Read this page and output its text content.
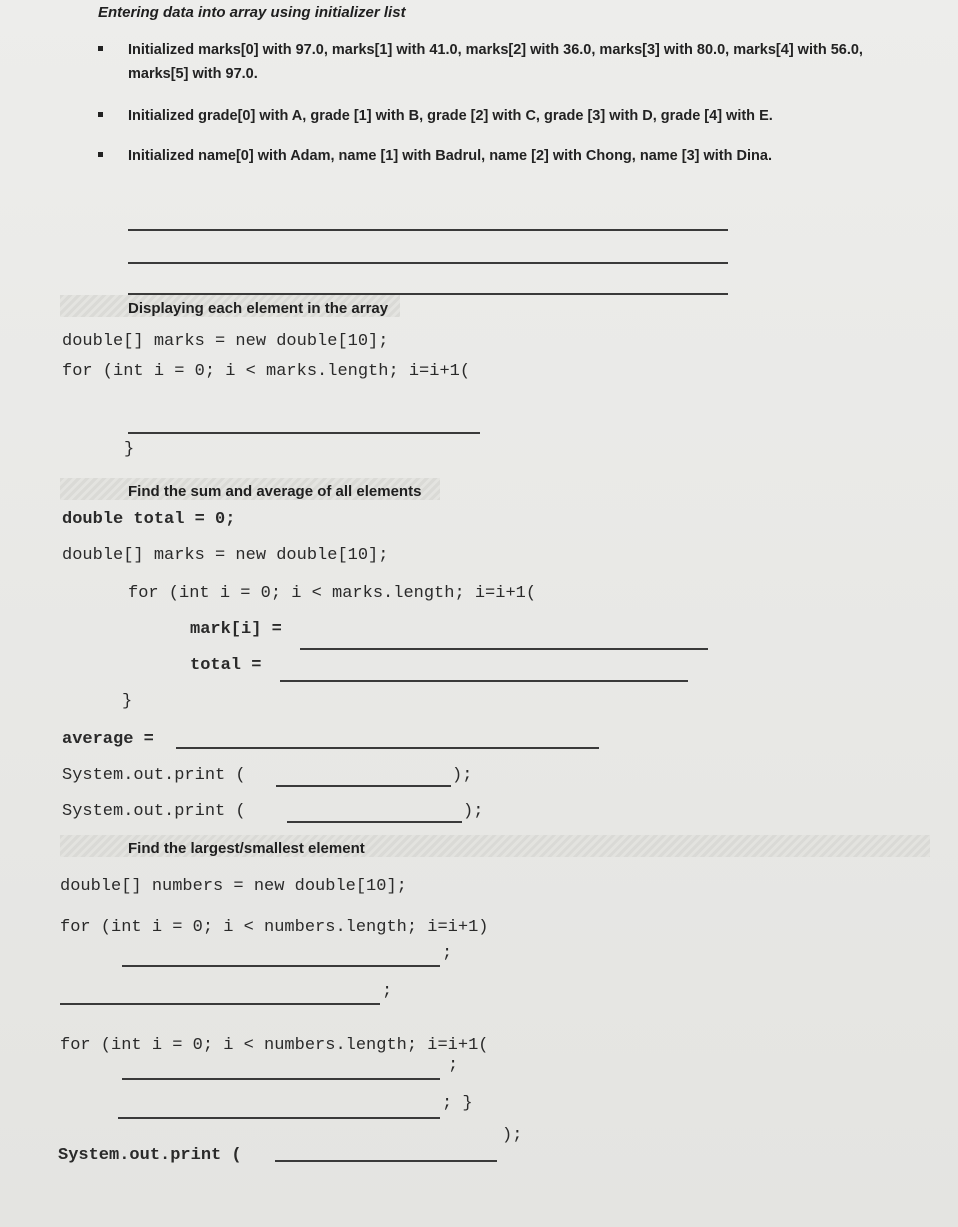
Entering data into array using initializer list
Initialized marks[0] with 97.0, marks[1] with 41.0, marks[2] with 36.0, marks[3] with 80.0, marks[4] with 56.0,
marks[5] with 97.0.
Initialized grade[0] with A, grade [1] with B, grade [2] with C, grade [3] with D, grade [4] with E.
Initialized name[0] with Adam, name [1] with Badrul, name [2] with Chong, name [3] with Dina.
Displaying each element in the array
double[] marks = new double[10];
for (int i = 0; i < marks.length; i=i+1(
}
Find the sum and average of all elements
double total = 0;
double[] marks = new double[10];
for (int i = 0; i < marks.length; i=i+1(
mark[i] =
total =
}
average =
System.out.print (	);
System.out.print (	);
Find the largest/smallest element
double[] numbers = new double[10];
for (int i = 0; i < numbers.length; i=i+1)
;
;
for (int i = 0; i < numbers.length; i=i+1(
;
; }
System.out.print (
);
